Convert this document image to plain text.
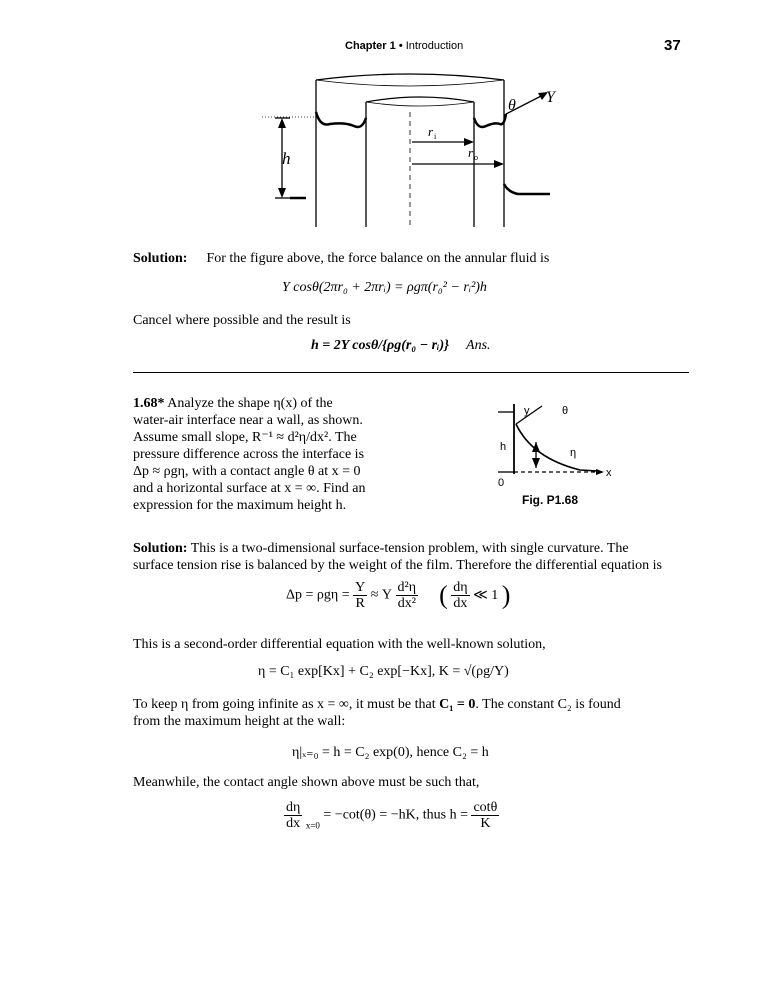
Chapter 1 • Introduction	37
θ Y
r i
r o
h
Solution: For the figure above, the force balance on the annular fluid is
Y cosθ(2πr₀ + 2πrᵢ) = ρgπ(r₀² − rᵢ²)h
Cancel where possible and the result is
h = 2Y cosθ/{ρg(r₀ − rᵢ)} Ans.
1.68* Analyze the shape η(x) of the
water-air interface near a wall, as shown.
Assume small slope, R⁻¹ ≈ d²η/dx². The
pressure difference across the interface is
Δp ≈ ρgη, with a contact angle θ at x = 0
and a horizontal surface at x = ∞. Find an
expression for the maximum height h.
y	θ
h	η
0
x
Fig. P1.68
Solution: This is a two-dimensional surface-tension problem, with single curvature. The
surface tension rise is balanced by the weight of the film. Therefore the differential equation is
$\Delta p = \rho g\eta = \frac{Y}{R} \approx Y \frac{\text{d²η}}{\text{dx²}}$ ( $\frac{d\eta}{dx}$ ≪ 1 )
This is a second-order differential equation with the well-known solution,
η = C₁ exp[Kx] + C₂ exp[−Kx], K = √(ρg/Y)
To keep η from going infinite as x = ∞, it must be that C₁ = 0. The constant C₂ is found
from the maximum height at the wall:
η|ₓ₌₀ = h = C₂ exp(0), hence C₂ = h
Meanwhile, the contact angle shown above must be such that,
$\frac{d\eta}{dx} _{x=0} = -\cot(\theta) = -hK$, thus $h = \frac{\cot\theta}{K}$
